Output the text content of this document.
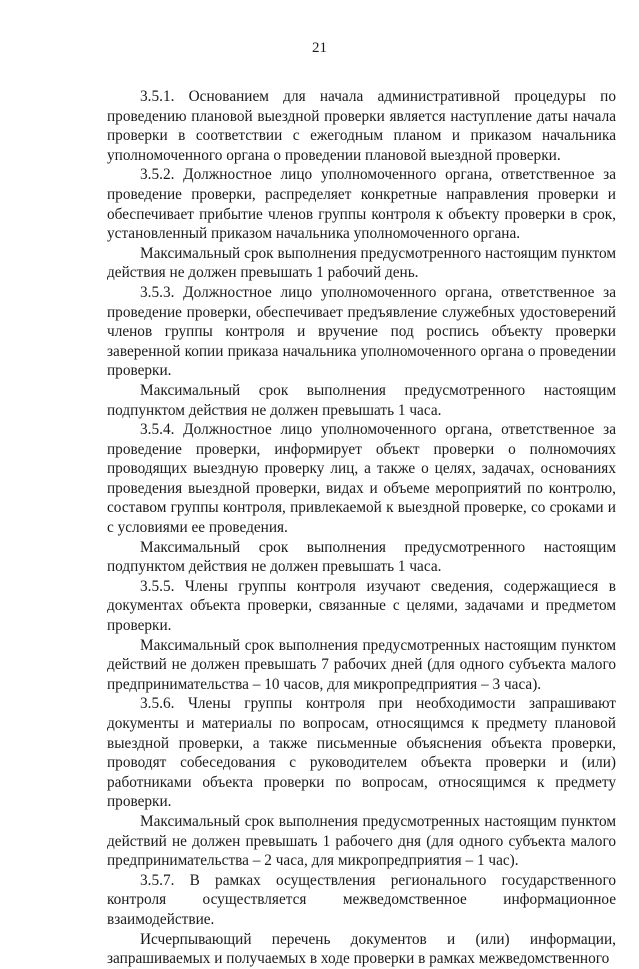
21

3.5.1. Основанием для начала административной процедуры по проведению плановой выездной проверки является наступление даты начала проверки в соответствии с ежегодным планом и приказом начальника уполномоченного органа о проведении плановой выездной проверки.

3.5.2. Должностное лицо уполномоченного органа, ответственное за проведение проверки, распределяет конкретные направления проверки и обеспечивает прибытие членов группы контроля к объекту проверки в срок, установленный приказом начальника уполномоченного органа.

Максимальный срок выполнения предусмотренного настоящим пунктом действия не должен превышать 1 рабочий день.

3.5.3. Должностное лицо уполномоченного органа, ответственное за проведение проверки, обеспечивает предъявление служебных удостоверений членов группы контроля и вручение под роспись объекту проверки заверенной копии приказа начальника уполномоченного органа о проведении проверки.

Максимальный срок выполнения предусмотренного настоящим подпунктом действия не должен превышать 1 часа.

3.5.4. Должностное лицо уполномоченного органа, ответственное за проведение проверки, информирует объект проверки о полномочиях проводящих выездную проверку лиц, а также о целях, задачах, основаниях проведения выездной проверки, видах и объеме мероприятий по контролю, составом группы контроля, привлекаемой к выездной проверке, со сроками и с условиями ее проведения.

Максимальный срок выполнения предусмотренного настоящим подпунктом действия не должен превышать 1 часа.

3.5.5. Члены группы контроля изучают сведения, содержащиеся в документах объекта проверки, связанные с целями, задачами и предметом проверки.

Максимальный срок выполнения предусмотренных настоящим пунктом действий не должен превышать 7 рабочих дней (для одного субъекта малого предпринимательства – 10 часов, для микропредприятия – 3 часа).

3.5.6. Члены группы контроля при необходимости запрашивают документы и материалы по вопросам, относящимся к предмету плановой выездной проверки, а также письменные объяснения объекта проверки, проводят собеседования с руководителем объекта проверки и (или) работниками объекта проверки по вопросам, относящимся к предмету проверки.

Максимальный срок выполнения предусмотренных настоящим пунктом действий не должен превышать 1 рабочего дня (для одного субъекта малого предпринимательства – 2 часа, для микропредприятия – 1 час).

3.5.7. В рамках осуществления регионального государственного контроля осуществляется межведомственное информационное взаимодействие.

Исчерпывающий перечень документов и (или) информации, запрашиваемых и получаемых в ходе проверки в рамках межведомственного
